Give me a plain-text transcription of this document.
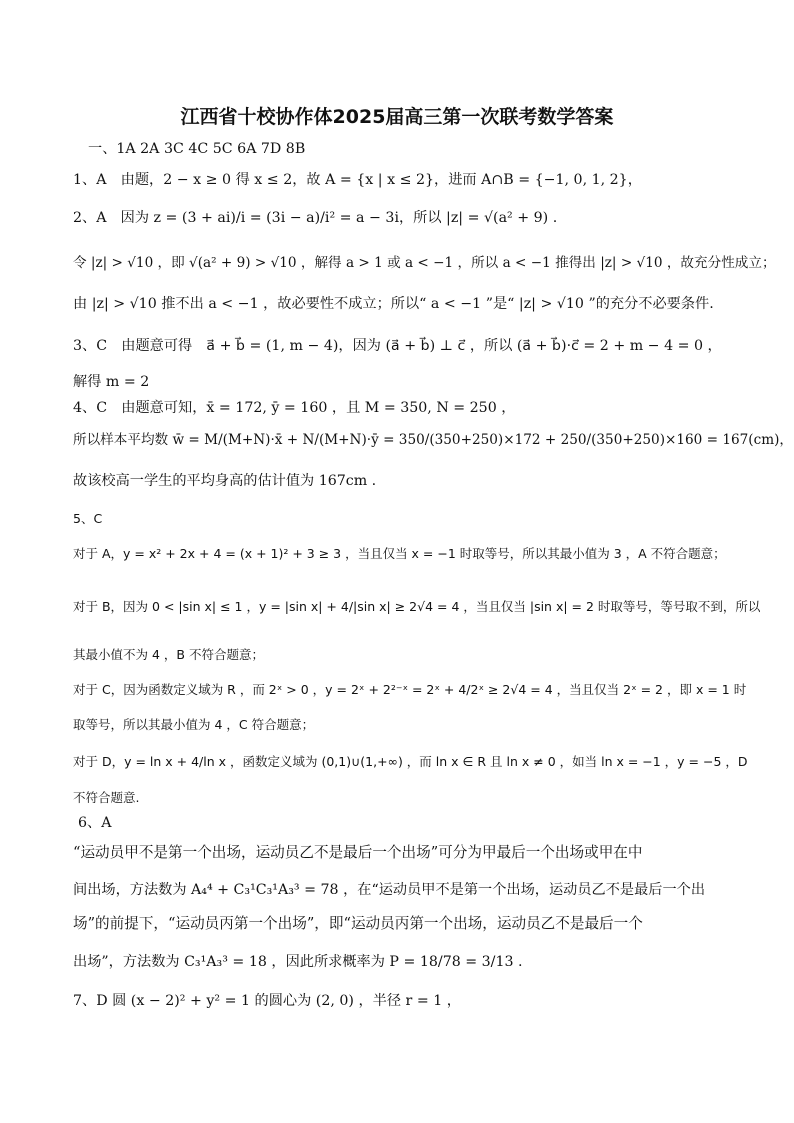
江西省十校协作体2025届高三第一次联考数学答案
一、1A 2A 3C 4C 5C 6A 7D 8B
1、A　由题，2 − x ≥ 0 得 x ≤ 2，故 A = {x | x ≤ 2}，进而 A∩B = {−1, 0, 1, 2}，
2、A　因为 z = (3 + ai)/i = (3i − a)/i² = a − 3i，所以 |z| = √(a² + 9) .
令 |z| > √10 ，即 √(a² + 9) > √10 ，解得 a > 1 或 a < −1 ，所以 a < −1 推得出 |z| > √10 ，故充分性成立；
由 |z| > √10 推不出 a < −1 ，故必要性不成立；所以“ a < −1 ”是“ |z| > √10 ”的充分不必要条件.
3、C　由题意可得　a⃗ + b⃗ = (1, m − 4)，因为 (a⃗ + b⃗) ⊥ c⃗ ，所以 (a⃗ + b⃗)·c⃗ = 2 + m − 4 = 0 ，
解得 m = 2
4、C　由题意可知，x̄ = 172, ȳ = 160 ，且 M = 350, N = 250 ，
所以样本平均数 w̄ = M/(M+N)·x̄ + N/(M+N)·ȳ = 350/(350+250)×172 + 250/(350+250)×160 = 167(cm)，
故该校高一学生的平均身高的估计值为 167cm .
5、C
对于 A，y = x² + 2x + 4 = (x + 1)² + 3 ≥ 3 ，当且仅当 x = −1 时取等号，所以其最小值为 3 ，A 不符合题意；
对于 B，因为 0 < |sin x| ≤ 1 ，y = |sin x| + 4/|sin x| ≥ 2√4 = 4 ，当且仅当 |sin x| = 2 时取等号，等号取不到，所以
其最小值不为 4 ，B 不符合题意；
对于 C，因为函数定义域为 R ，而 2ˣ > 0 ，y = 2ˣ + 2²⁻ˣ = 2ˣ + 4/2ˣ ≥ 2√4 = 4 ，当且仅当 2ˣ = 2 ，即 x = 1 时
取等号，所以其最小值为 4 ，C 符合题意；
对于 D，y = ln x + 4/ln x ，函数定义域为 (0,1)∪(1,+∞) ，而 ln x ∈ R 且 ln x ≠ 0 ，如当 ln x = −1 ，y = −5 ，D
不符合题意.
6、A
“运动员甲不是第一个出场，运动员乙不是最后一个出场”可分为甲最后一个出场或甲在中
间出场，方法数为 A₄⁴ + C₃¹C₃¹A₃³ = 78 ，在“运动员甲不是第一个出场，运动员乙不是最后一个出
场”的前提下，“运动员丙第一个出场”，即“运动员丙第一个出场，运动员乙不是最后一个
出场”，方法数为 C₃¹A₃³ = 18 ，因此所求概率为 P = 18/78 = 3/13 .
7、D 圆 (x − 2)² + y² = 1 的圆心为 (2, 0) ，半径 r = 1 ，
